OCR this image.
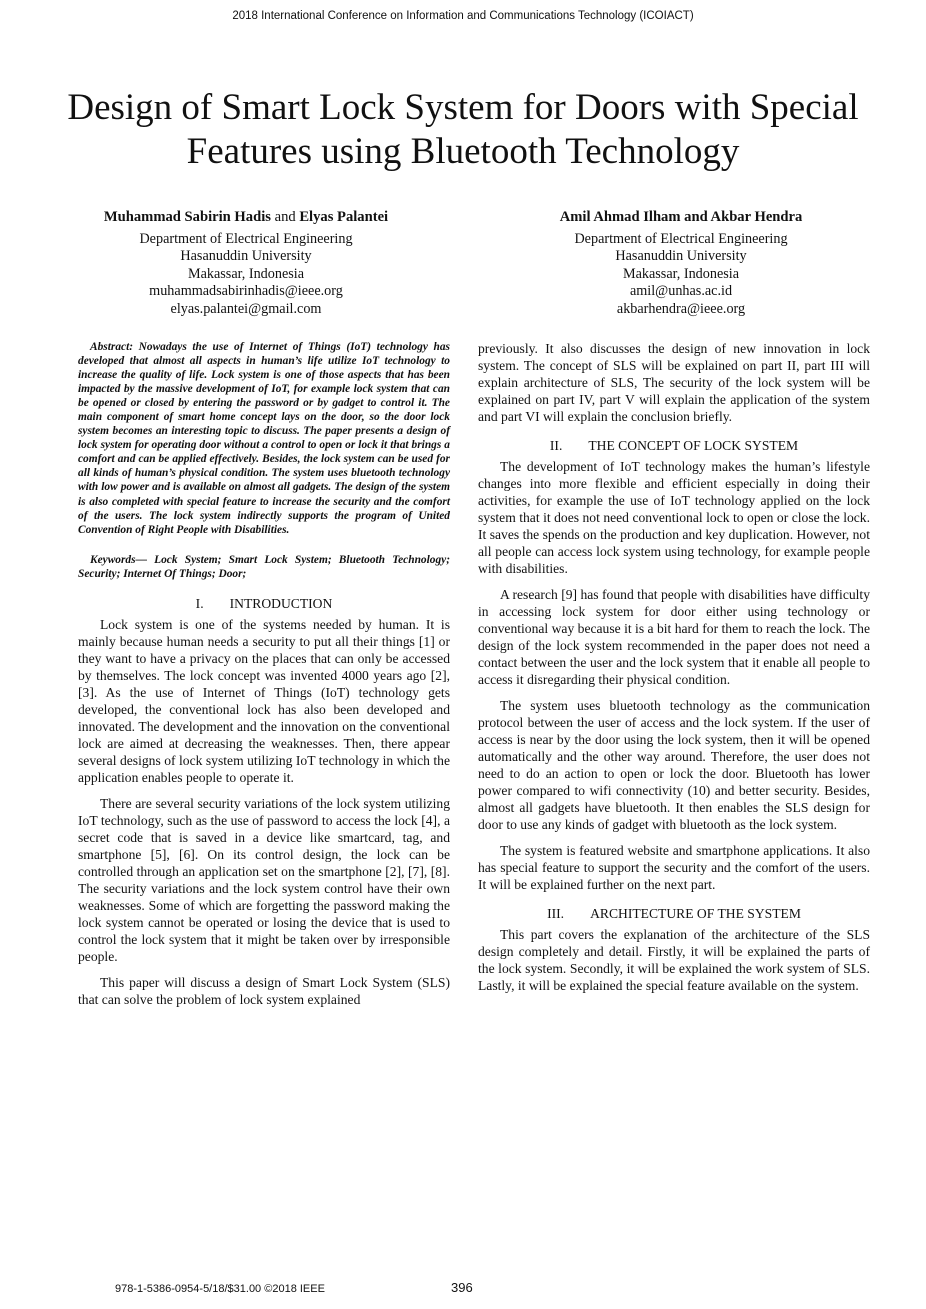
2018 International Conference on Information and Communications Technology (ICOIACT)
Design of Smart Lock System for Doors with Special Features using Bluetooth Technology
Muhammad Sabirin Hadis and Elyas Palantei
Department of Electrical Engineering
Hasanuddin University
Makassar, Indonesia
muhammadsabirinhadis@ieee.org
elyas.palantei@gmail.com
Amil Ahmad Ilham and Akbar Hendra
Department of Electrical Engineering
Hasanuddin University
Makassar, Indonesia
amil@unhas.ac.id
akbarhendra@ieee.org

Abstract: Nowadays the use of Internet of Things (IoT) technology has developed that almost all aspects in human’s life utilize IoT technology to increase the quality of life. Lock system is one of those aspects that has been impacted by the massive development of IoT, for example lock system that can be opened or closed by entering the password or by gadget to control it. The main component of smart home concept lays on the door, so the door lock system becomes an interesting topic to discuss. The paper presents a design of lock system for operating door without a control to open or lock it that brings a comfort and can be applied effectively. Besides, the lock system can be used for all kinds of human’s physical condition. The system uses bluetooth technology with low power and is available on almost all gadgets. The design of the system is also completed with special feature to increase the security and the comfort of the users. The lock system indirectly supports the program of United Convention of Right People with Disabilities.

Keywords— Lock System; Smart Lock System; Bluetooth Technology; Security; Internet Of Things; Door;

I. INTRODUCTION

Lock system is one of the systems needed by human. It is mainly because human needs a security to put all their things [1] or they want to have a privacy on the places that can only be accessed by themselves. The lock concept was invented 4000 years ago [2], [3]. As the use of Internet of Things (IoT) technology gets developed, the conventional lock has also been developed and innovated. The development and the innovation on the conventional lock are aimed at decreasing the weaknesses. Then, there appear several designs of lock system utilizing IoT technology in which the application enables people to operate it.

There are several security variations of the lock system utilizing IoT technology, such as the use of password to access the lock [4], a secret code that is saved in a device like smartcard, tag, and smartphone [5], [6]. On its control design, the lock can be controlled through an application set on the smartphone [2], [7], [8]. The security variations and the lock system control have their own weaknesses. Some of which are forgetting the password making the lock system cannot be operated or losing the device that is used to control the lock system that it might be taken over by irresponsible people.

This paper will discuss a design of Smart Lock System (SLS) that can solve the problem of lock system explained

previously. It also discusses the design of new innovation in lock system. The concept of SLS will be explained on part II, part III will explain architecture of SLS, The security of the lock system will be explained on part IV, part V will explain the application of the system and part VI will explain the conclusion briefly.

II. THE CONCEPT OF LOCK SYSTEM

The development of IoT technology makes the human’s lifestyle changes into more flexible and efficient especially in doing their activities, for example the use of IoT technology applied on the lock system that it does not need conventional lock to open or close the lock. It saves the spends on the production and key duplication. However, not all people can access lock system using technology, for example people with disabilities.

A research [9] has found that people with disabilities have difficulty in accessing lock system for door either using technology or conventional way because it is a bit hard for them to reach the lock. The design of the lock system recommended in the paper does not need a contact between the user and the lock system that it enable all people to access it disregarding their physical condition.

The system uses bluetooth technology as the communication protocol between the user of access and the lock system. If the user of access is near by the door using the lock system, then it will be opened automatically and the other way around. Therefore, the user does not need to do an action to open or lock the door. Bluetooth has lower power compared to wifi connectivity (10) and better security. Besides, almost all gadgets have bluetooth. It then enables the SLS design for door to use any kinds of gadget with bluetooth as the lock system.

The system is featured website and smartphone applications. It also has special feature to support the security and the comfort of the users. It will be explained further on the next part.

III. ARCHITECTURE OF THE SYSTEM

This part covers the explanation of the architecture of the SLS design completely and detail. Firstly, it will be explained the parts of the lock system. Secondly, it will be explained the work system of SLS. Lastly, it will be explained the special feature available on the system.

978-1-5386-0954-5/18/$31.00 ©2018 IEEE	396
